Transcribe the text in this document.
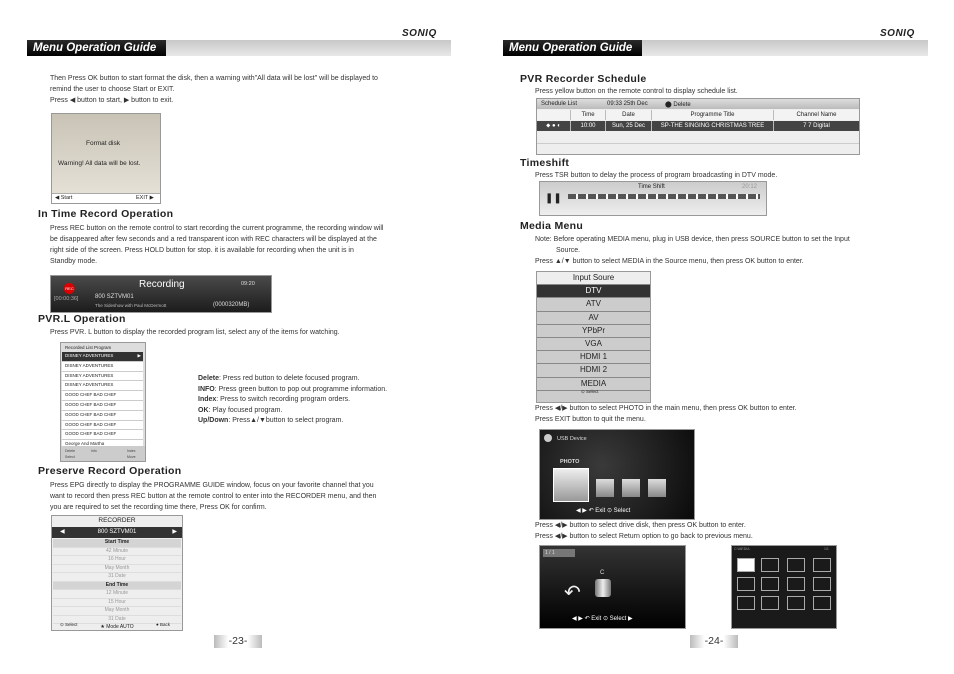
Menu Operation Guide
SONIQ
Then Press OK button to start format the disk, then a warning with"All data will be lost" will be displayed to
remind the user to choose Start or EXIT.
Press ◀ button to start, ▶ button to exit.
Format disk
Warning! All data will be lost.
◀ Start	EXIT ▶
In Time Record Operation
Press REC button on the remote control to start recording the current programme, the recording window will
be disappeared after few seconds and a red transparent icon with REC characters will be displayed at the
right side of the screen. Press HOLD button for stop. it is available for recording when the unit is in
Standby mode.
REC	Recording	09:20
[00:00:36]	800 SZTVM01
The Sideshow with Paul McDermott	(0000320MB)
PVR.L Operation
Press PVR. L button to display the recorded program list, select any of the items for watching.
Recorded List Program
DISNEY ADVENTURES	▶
DISNEY ADVENTURES
DISNEY ADVENTURES
DISNEY ADVENTURES
GOOD CHEF BAD CHEF
GOOD CHEF BAD CHEF
GOOD CHEF BAD CHEF
GOOD CHEF BAD CHEF
GOOD CHEF BAD CHEF
George And Martha
Delete	Info	Index
Select	Move
Delete: Press red button to delete focused program.
INFO: Press green button to pop out programme information.
Index: Press to switch recording program orders.
OK: Play focused program.
Up/Down: Press▲/▼button to select program.
Preserve Record Operation
Press EPG directly to display the PROGRAMME GUIDE window, focus on your favorite channel that you
want to record then press REC button at the remote control to enter into the RECORDER menu, and then
you are required to set the recording time there, Press OK for confirm.
RECORDER
◀	800 SZTVM01	▶
Start Time
42 Minute
16 Hour
May Month
31 Date
End Time
12 Minute
15 Hour
May Month
31 Date
★ Mode AUTO
⊙ Select	● Back
-23-
Menu Operation Guide
SONIQ
PVR Recorder Schedule
Press yellow button on the remote control to display schedule list.
Schedule List	09:33 25th Dec	⬤ Delete
Time	Date	Programme Title	Channel Name
⬥ ● ◐	10:00	Sun, 25 Dec	SP-THE SINGING CHRISTMAS TREE	7 7 Digital
Timeshift
Press TSR button to delay the process of program broadcasting in DTV mode.
Time Shift	20:12
❚❚
Media Menu
Note: Before operating MEDIA menu, plug in USB device, then press SOURCE button to set the Input
Source.
Press ▲/▼ button to select MEDIA in the Source menu, then press OK button to enter.
Input Soure
DTV
ATV
AV
YPbPr
VGA
HDMI 1
HDMI 2
MEDIA
⊙ Select
Press ◀/▶ button to select PHOTO in the main menu, then press OK button to enter.
Press EXIT button to quit the menu.
USB Device
PHOTO
◀ ▶ ↶ Exit ⊙ Select
Press ◀/▶ button to select drive disk, then press OK button to enter.
Press ◀/▶ button to select Return option to go back to previous menu.
1 / 1
↶
C
◀ ▶ ↶ Exit ⊙ Select ▶
C:\MEDIA	1/1
-24-
